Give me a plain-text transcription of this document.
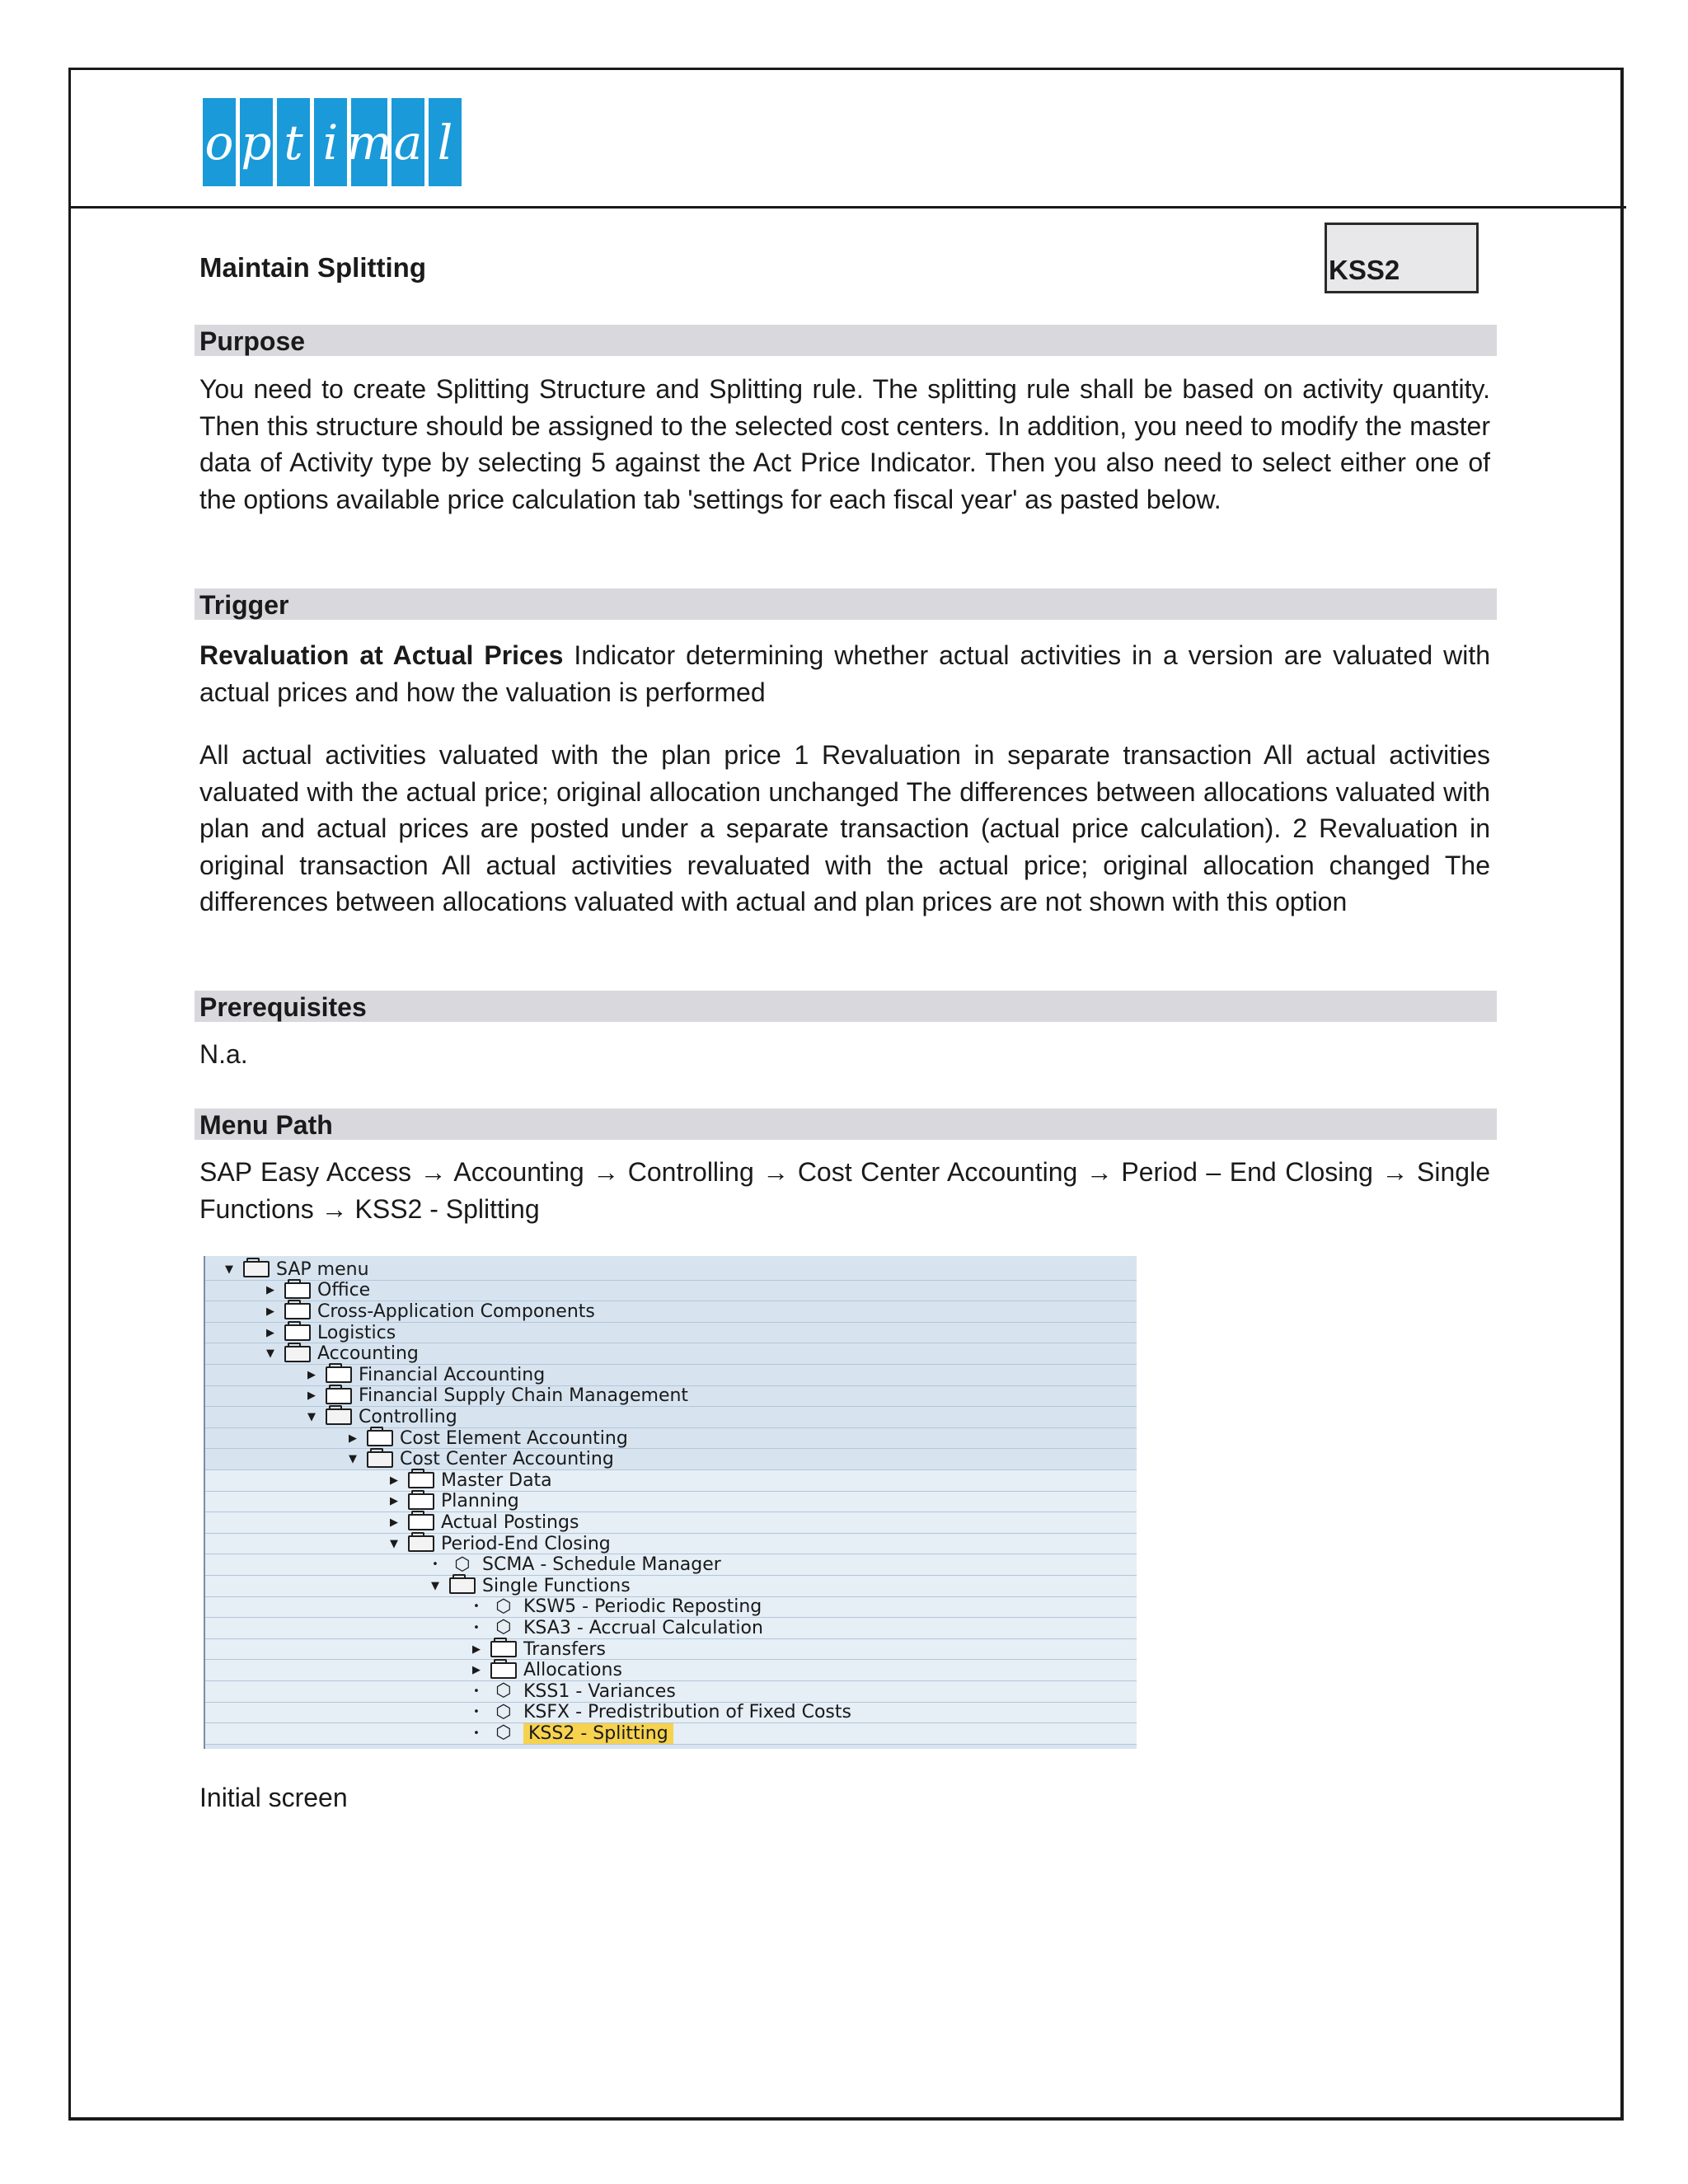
o p t i m a l
Maintain Splitting	KSS2
Purpose
You need to create Splitting Structure and Splitting rule. The splitting rule shall be based on activity quantity. Then this structure should be assigned to the selected cost centers. In addition, you need to modify the master data of Activity type by selecting 5 against the Act Price Indicator. Then you also need to select either one of the options available price calculation tab 'settings for each fiscal year' as pasted below.
Trigger
Revaluation at Actual Prices Indicator determining whether actual activities in a version are valuated with actual prices and how the valuation is performed
All actual activities valuated with the plan price 1 Revaluation in separate transaction All actual activities valuated with the actual price; original allocation unchanged The differences between allocations valuated with plan and actual prices are posted under a separate transaction (actual price calculation). 2 Revaluation in original transaction All actual activities revaluated with the actual price; original allocation changed The differences between allocations valuated with actual and plan prices are not shown with this option
Prerequisites
N.a.
Menu Path
SAP Easy Access → Accounting → Controlling → Cost Center Accounting → Period – End Closing → Single Functions → KSS2 - Splitting
▼ SAP menu
▶ Office
▶ Cross-Application Components
▶ Logistics
▼ Accounting
▶ Financial Accounting
▶ Financial Supply Chain Management
▼ Controlling
▶ Cost Element Accounting
▼ Cost Center Accounting
▶ Master Data
▶ Planning
▶ Actual Postings
▼ Period-End Closing
• ⬡ SCMA - Schedule Manager
▼ Single Functions
• ⬡ KSW5 - Periodic Reposting
• ⬡ KSA3 - Accrual Calculation
▶ Transfers
▶ Allocations
• ⬡ KSS1 - Variances
• ⬡ KSFX - Predistribution of Fixed Costs
• ⬡ KSS2 - Splitting
Initial screen
